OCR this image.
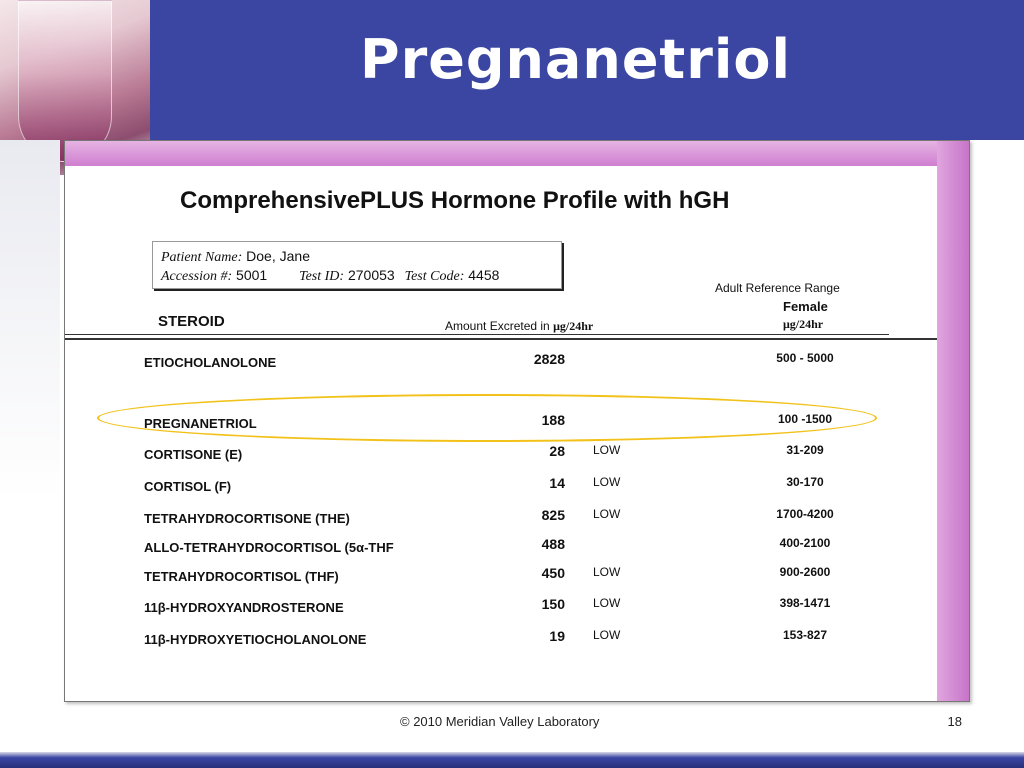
Pregnanetriol
ComprehensivePLUS Hormone Profile with hGH
Patient Name: Doe, Jane
Accession #: 5001 Test ID: 270053 Test Code: 4458
Adult Reference Range
Female
μg/24hr
STEROID	Amount Excreted in μg/24hr
ETIOCHOLANOLONE	2828	500 - 5000
PREGNANETRIOL	188	100 -1500
CORTISONE (E)	28 LOW	31-209
CORTISOL (F)	14 LOW	30-170
TETRAHYDROCORTISONE (THE)	825 LOW	1700-4200
ALLO-TETRAHYDROCORTISOL (5α-THF	488	400-2100
TETRAHYDROCORTISOL (THF)	450 LOW	900-2600
11β-HYDROXYANDROSTERONE	150 LOW	398-1471
11β-HYDROXYETIOCHOLANOLONE	19 LOW	153-827
© 2010 Meridian Valley Laboratory	18
